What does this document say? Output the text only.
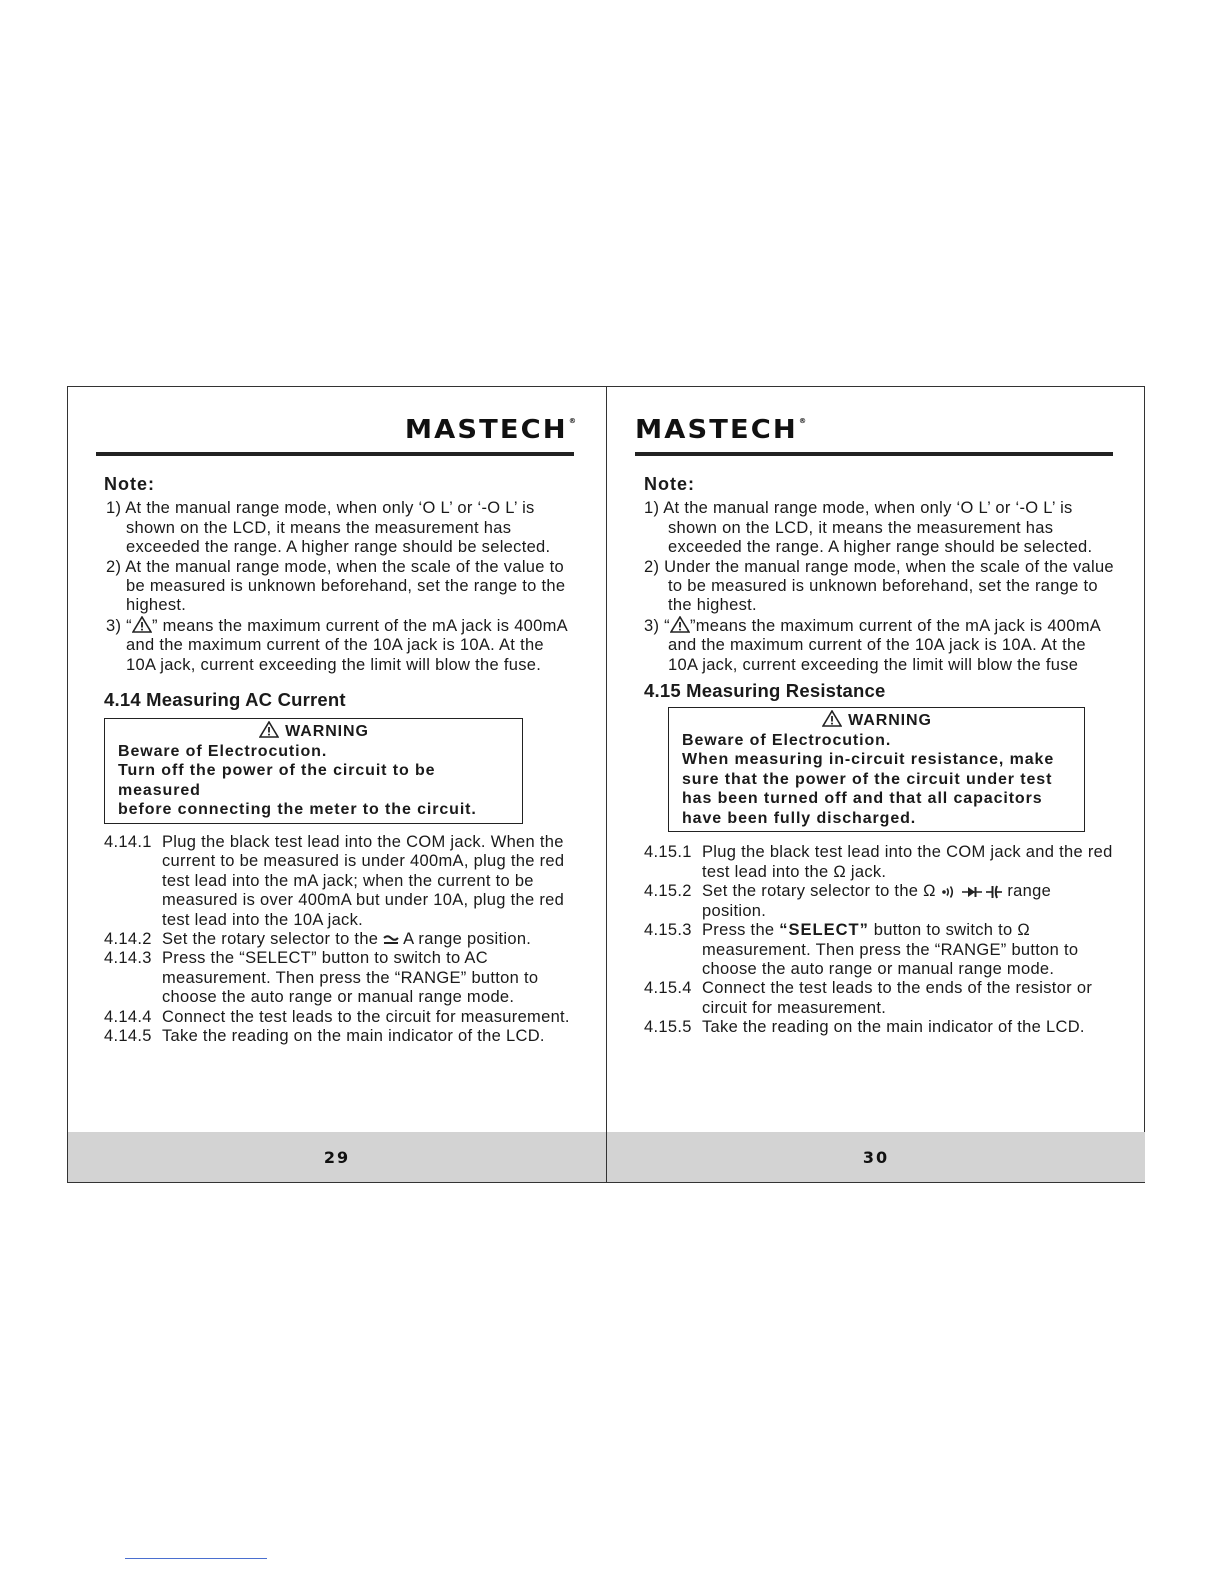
MASTECH®
Note:
1) At the manual range mode, when only ‘O L’ or ‘-O L’ is shown on the LCD, it means the measurement has exceeded the range. A higher range should be selected.
2) At the manual range mode, when the scale of the value to be measured is unknown beforehand, set the range to the highest.
3) “ ” means the maximum current of the mA jack is 400mA and the maximum current of the 10A jack is 10A. At the 10A jack, current exceeding the limit will blow the fuse.
4.14 Measuring AC Current
WARNING
Beware of Electrocution.
Turn off the power of the circuit to be measured
before connecting the meter to the circuit.
4.14.1 Plug the black test lead into the COM jack. When the current to be measured is under 400mA, plug the red test lead into the mA jack; when the current to be measured is over 400mA but under 10A, plug the red test lead into the 10A jack.
4.14.2 Set the rotary selector to the A range position.
4.14.3 Press the “SELECT” button to switch to AC measurement. Then press the “RANGE” button to choose the auto range or manual range mode.
4.14.4 Connect the test leads to the circuit for measurement.
4.14.5 Take the reading on the main indicator of the LCD.
29
MASTECH®
Note:
1) At the manual range mode, when only ‘O L’ or ‘-O L’ is shown on the LCD, it means the measurement has exceeded the range. A higher range should be selected.
2) Under the manual range mode, when the scale of the value to be measured is unknown beforehand, set the range to the highest.
3) “ ”means the maximum current of the mA jack is 400mA and the maximum current of the 10A jack is 10A. At the 10A jack, current exceeding the limit will blow the fuse
4.15 Measuring Resistance
WARNING
Beware of Electrocution.
When measuring in-circuit resistance, make sure that the power of the circuit under test has been turned off and that all capacitors have been fully discharged.
4.15.1 Plug the black test lead into the COM jack and the red test lead into the Ω jack.
4.15.2 Set the rotary selector to the Ω	range position.
4.15.3 Press the “SELECT” button to switch to Ω measurement. Then press the “RANGE” button to choose the auto range or manual range mode.
4.15.4 Connect the test leads to the ends of the resistor or circuit for measurement.
4.15.5 Take the reading on the main indicator of the LCD.
30
